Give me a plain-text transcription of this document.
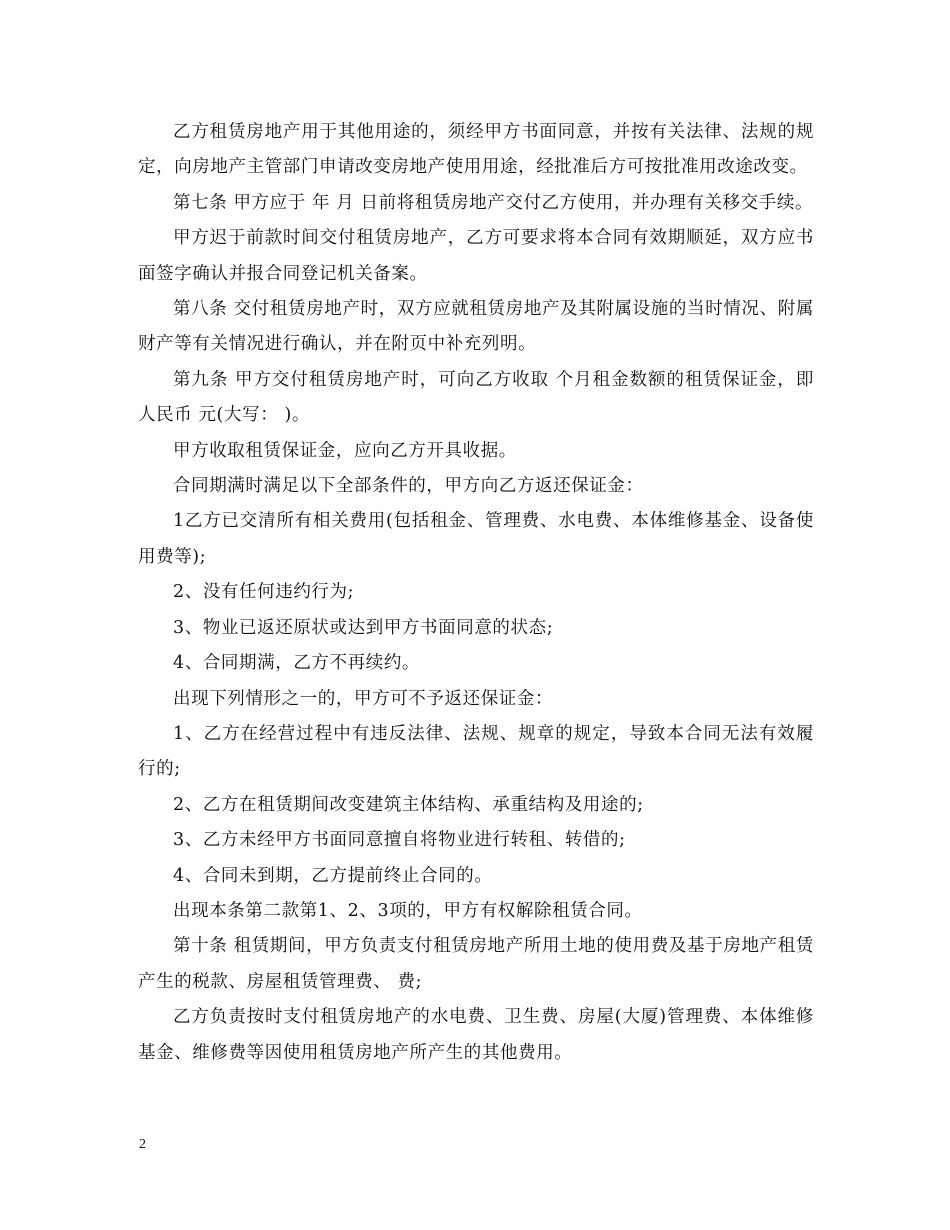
乙方租赁房地产用于其他用途的，须经甲方书面同意，并按有关法律、法规的规定，向房地产主管部门申请改变房地产使用用途，经批准后方可按批准用改途改变。

第七条 甲方应于 年 月 日前将租赁房地产交付乙方使用，并办理有关移交手续。

甲方迟于前款时间交付租赁房地产，乙方可要求将本合同有效期顺延，双方应书面签字确认并报合同登记机关备案。

第八条 交付租赁房地产时，双方应就租赁房地产及其附属设施的当时情况、附属财产等有关情况进行确认，并在附页中补充列明。

第九条 甲方交付租赁房地产时，可向乙方收取 个月租金数额的租赁保证金，即人民币 元(大写： )。

甲方收取租赁保证金，应向乙方开具收据。

合同期满时满足以下全部条件的，甲方向乙方返还保证金：

1乙方已交清所有相关费用(包括租金、管理费、水电费、本体维修基金、设备使用费等);

2、没有任何违约行为;

3、物业已返还原状或达到甲方书面同意的状态;

4、合同期满，乙方不再续约。

出现下列情形之一的，甲方可不予返还保证金：

1、乙方在经营过程中有违反法律、法规、规章的规定，导致本合同无法有效履行的;

2、乙方在租赁期间改变建筑主体结构、承重结构及用途的;

3、乙方未经甲方书面同意擅自将物业进行转租、转借的;

4、合同未到期，乙方提前终止合同的。

出现本条第二款第1、2、3项的，甲方有权解除租赁合同。

第十条 租赁期间，甲方负责支付租赁房地产所用土地的使用费及基于房地产租赁产生的税款、房屋租赁管理费、 费;

乙方负责按时支付租赁房地产的水电费、卫生费、房屋(大厦)管理费、本体维修基金、维修费等因使用租赁房地产所产生的其他费用。

2
